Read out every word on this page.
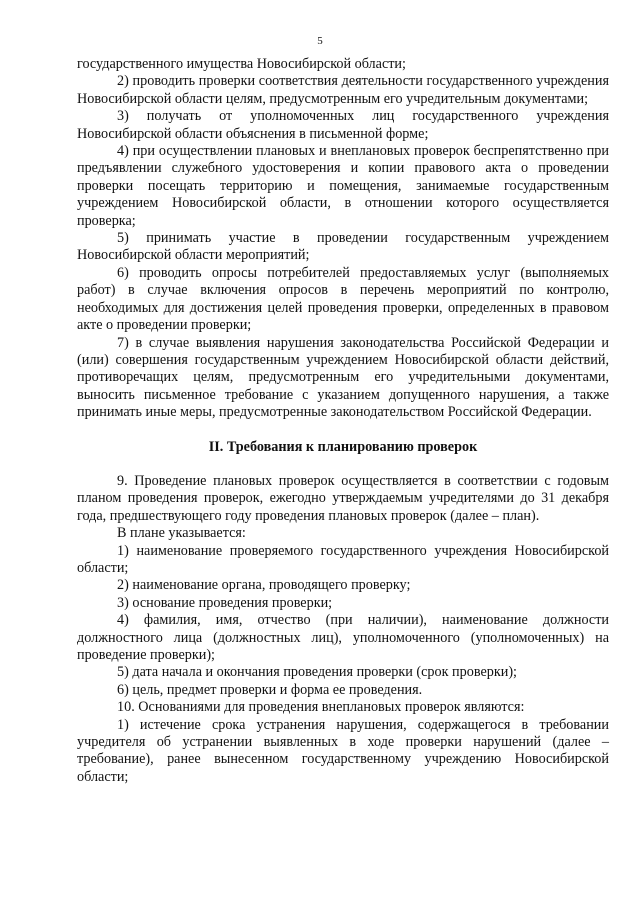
5

государственного имущества Новосибирской области;

2) проводить проверки соответствия деятельности государственного учреждения Новосибирской области целям, предусмотренным его учредительным документами;

3) получать от уполномоченных лиц государственного учреждения Новосибирской области объяснения в письменной форме;

4) при осуществлении плановых и внеплановых проверок беспрепятственно при предъявлении служебного удостоверения и копии правового акта о проведении проверки посещать территорию и помещения, занимаемые государственным учреждением Новосибирской области, в отношении которого осуществляется проверка;

5) принимать участие в проведении государственным учреждением Новосибирской области мероприятий;

6) проводить опросы потребителей предоставляемых услуг (выполняемых работ) в случае включения опросов в перечень мероприятий по контролю, необходимых для достижения целей проведения проверки, определенных в правовом акте о проведении проверки;

7) в случае выявления нарушения законодательства Российской Федерации и (или) совершения государственным учреждением Новосибирской области действий, противоречащих целям, предусмотренным его учредительными документами, выносить письменное требование с указанием допущенного нарушения, а также принимать иные меры, предусмотренные законодательством Российской Федерации.

II. Требования к планированию проверок

9. Проведение плановых проверок осуществляется в соответствии с годовым планом проведения проверок, ежегодно утверждаемым учредителями до 31 декабря года, предшествующего году проведения плановых проверок (далее – план).

В плане указывается:

1) наименование проверяемого государственного учреждения Новосибирской области;

2) наименование органа, проводящего проверку;

3) основание проведения проверки;

4) фамилия, имя, отчество (при наличии), наименование должности должностного лица (должностных лиц), уполномоченного (уполномоченных) на проведение проверки);

5) дата начала и окончания проведения проверки (срок проверки);

6) цель, предмет проверки и форма ее проведения.

10. Основаниями для проведения внеплановых проверок являются:

1) истечение срока устранения нарушения, содержащегося в требовании учредителя об устранении выявленных в ходе проверки нарушений (далее – требование), ранее вынесенном государственному учреждению Новосибирской области;
